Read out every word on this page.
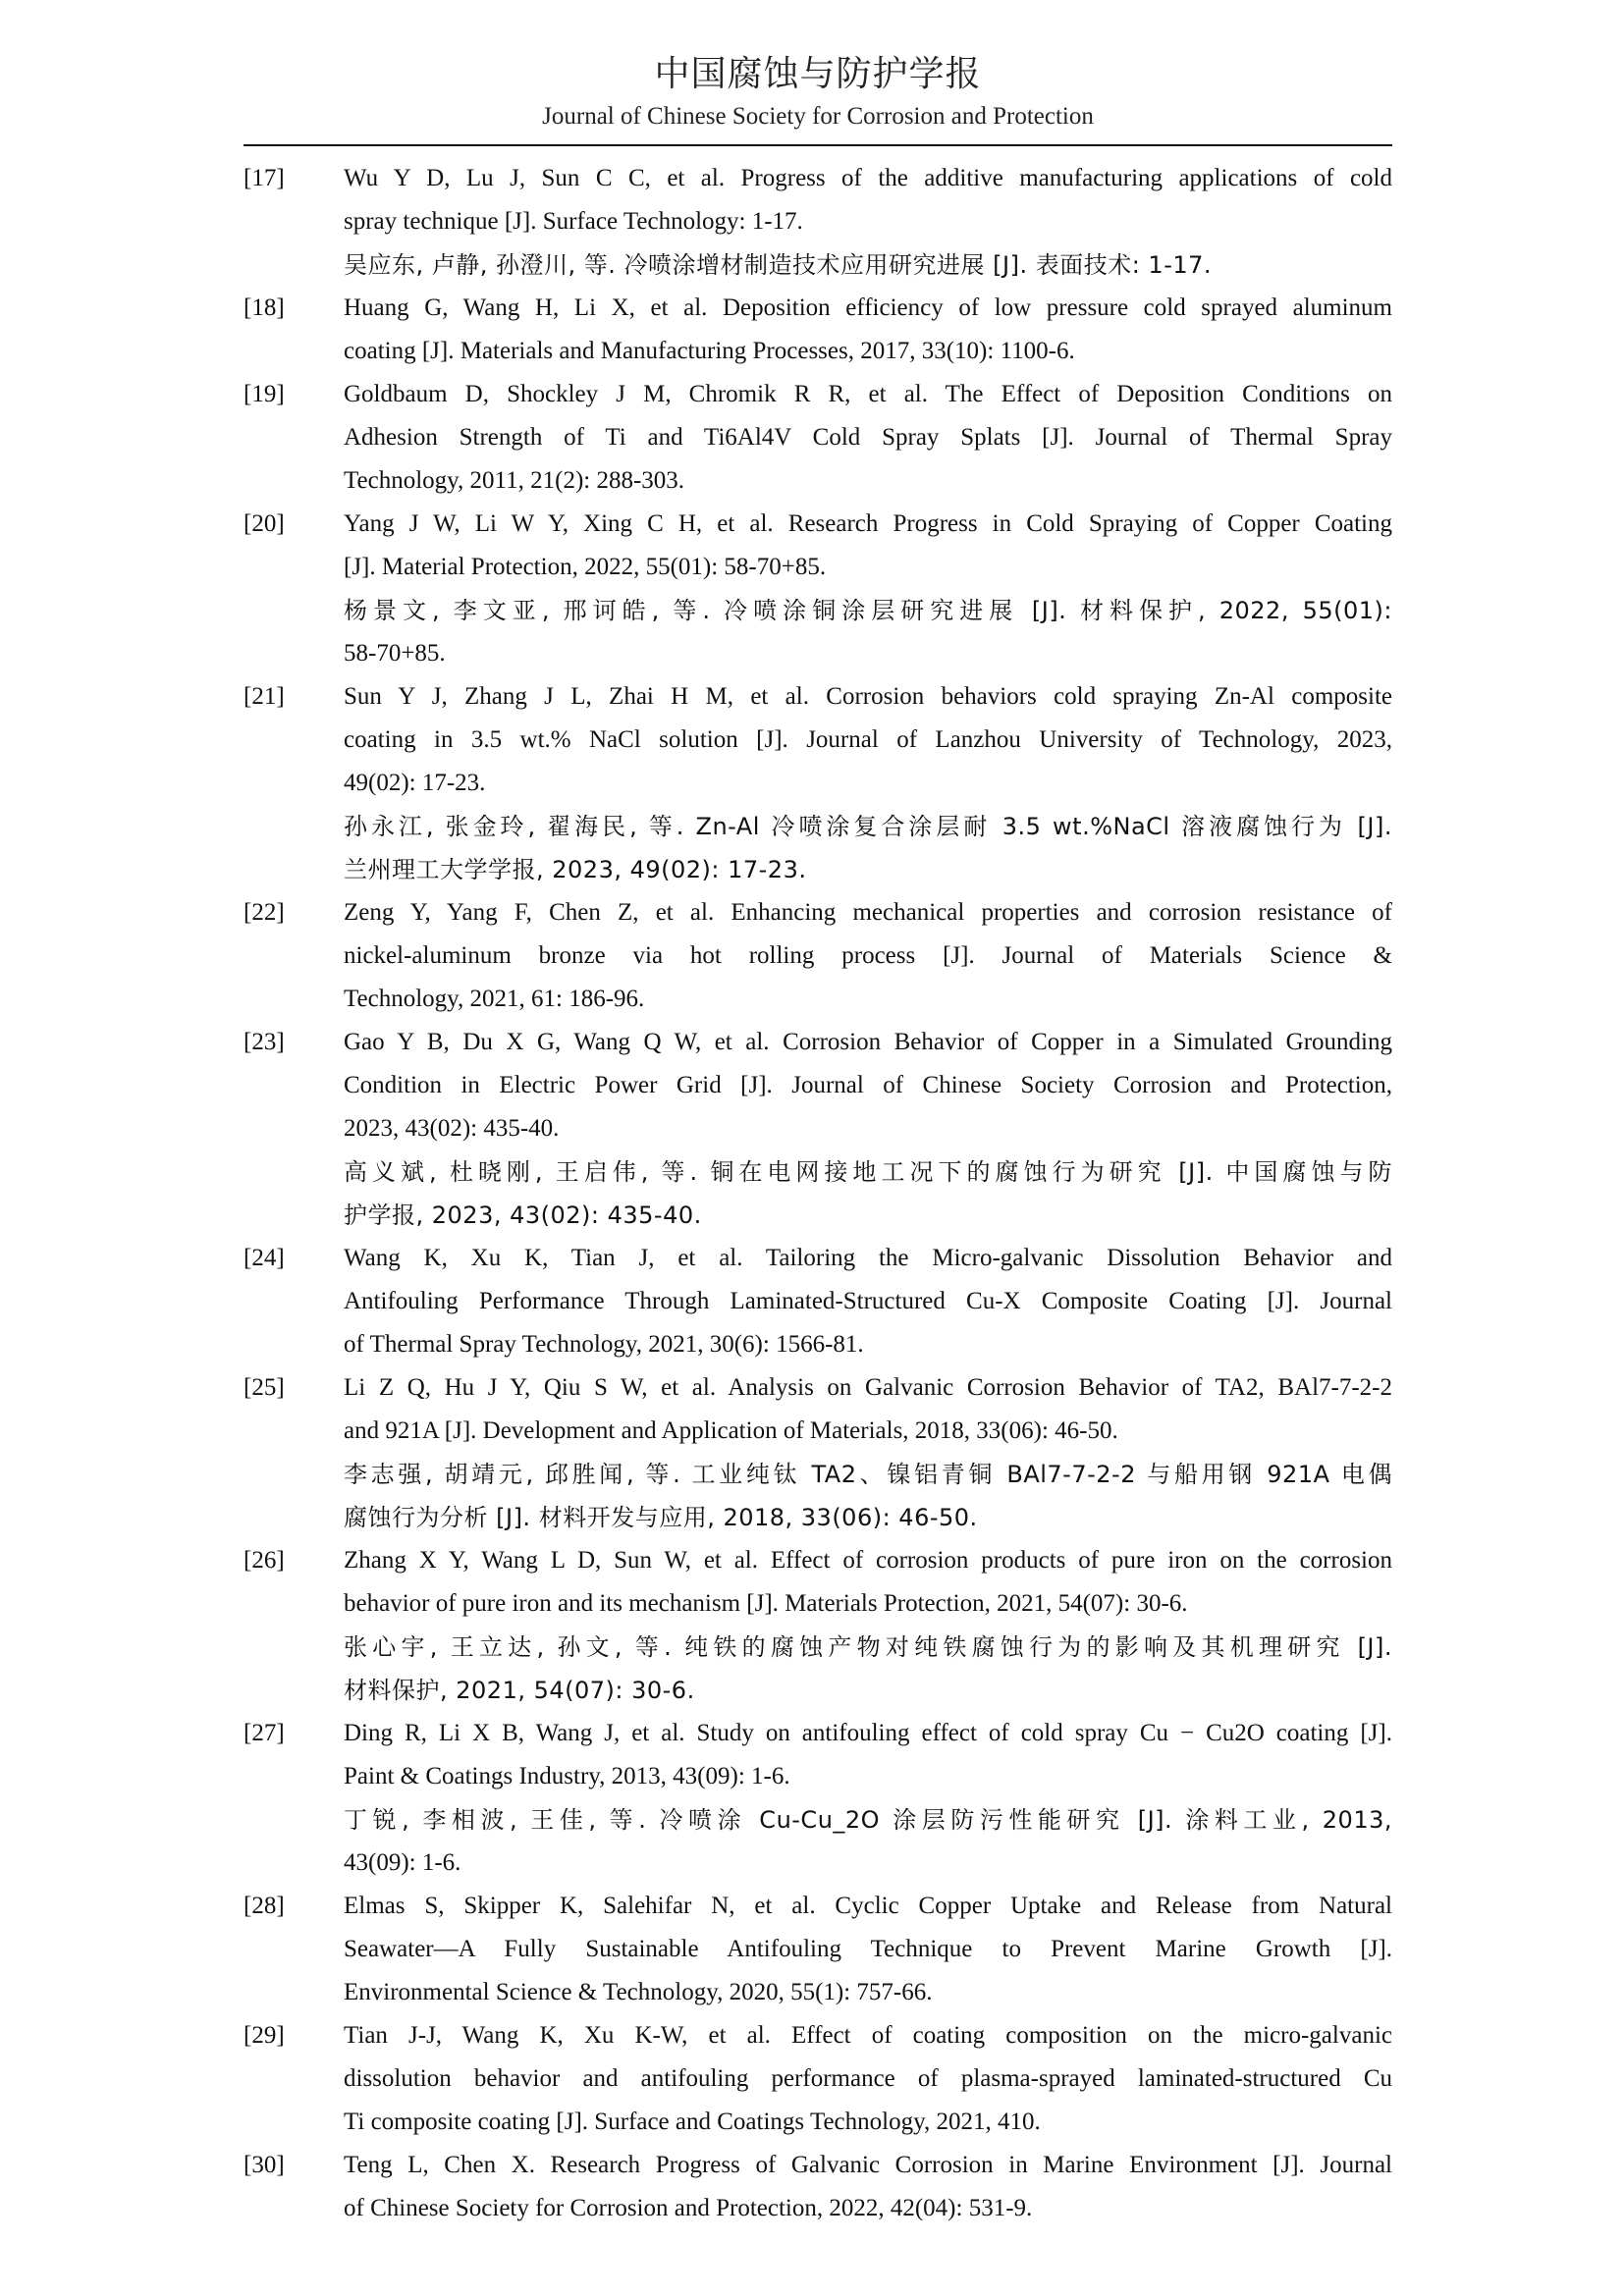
中国腐蚀与防护学报
Journal of Chinese Society for Corrosion and Protection
[17] Wu Y D, Lu J, Sun C C, et al. Progress of the additive manufacturing applications of cold
spray technique [J]. Surface Technology: 1-17.
吴应东, 卢静, 孙澄川, 等. 冷喷涂增材制造技术应用研究进展 [J]. 表面技术: 1-17.
[18] Huang G, Wang H, Li X, et al. Deposition efficiency of low pressure cold sprayed aluminum
coating [J]. Materials and Manufacturing Processes, 2017, 33(10): 1100-6.
[19] Goldbaum D, Shockley J M, Chromik R R, et al. The Effect of Deposition Conditions on
Adhesion Strength of Ti and Ti6Al4V Cold Spray Splats [J]. Journal of Thermal Spray
Technology, 2011, 21(2): 288-303.
[20] Yang J W, Li W Y, Xing C H, et al. Research Progress in Cold Spraying of Copper Coating
[J]. Material Protection, 2022, 55(01): 58-70+85.
杨景文, 李文亚, 邢诃皓, 等. 冷喷涂铜涂层研究进展 [J]. 材料保护, 2022, 55(01):
58-70+85.
[21] Sun Y J, Zhang J L, Zhai H M, et al. Corrosion behaviors cold spraying Zn-Al composite
coating in 3.5 wt.% NaCl solution [J]. Journal of Lanzhou University of Technology, 2023,
49(02): 17-23.
孙永江, 张金玲, 翟海民, 等. Zn-Al 冷喷涂复合涂层耐 3.5 wt.%NaCl 溶液腐蚀行为 [J].
兰州理工大学学报, 2023, 49(02): 17-23.
[22] Zeng Y, Yang F, Chen Z, et al. Enhancing mechanical properties and corrosion resistance of
nickel-aluminum bronze via hot rolling process [J]. Journal of Materials Science &
Technology, 2021, 61: 186-96.
[23] Gao Y B, Du X G, Wang Q W, et al. Corrosion Behavior of Copper in a Simulated Grounding
Condition in Electric Power Grid [J]. Journal of Chinese Society Corrosion and Protection,
2023, 43(02): 435-40.
高义斌, 杜晓刚, 王启伟, 等. 铜在电网接地工况下的腐蚀行为研究 [J]. 中国腐蚀与防
护学报, 2023, 43(02): 435-40.
[24] Wang K, Xu K, Tian J, et al. Tailoring the Micro-galvanic Dissolution Behavior and
Antifouling Performance Through Laminated-Structured Cu-X Composite Coating [J]. Journal
of Thermal Spray Technology, 2021, 30(6): 1566-81.
[25] Li Z Q, Hu J Y, Qiu S W, et al. Analysis on Galvanic Corrosion Behavior of TA2, BAl7-7-2-2
and 921A [J]. Development and Application of Materials, 2018, 33(06): 46-50.
李志强, 胡靖元, 邱胜闻, 等. 工业纯钛 TA2、镍铝青铜 BAl7-7-2-2 与船用钢 921A 电偶
腐蚀行为分析 [J]. 材料开发与应用, 2018, 33(06): 46-50.
[26] Zhang X Y, Wang L D, Sun W, et al. Effect of corrosion products of pure iron on the corrosion
behavior of pure iron and its mechanism [J]. Materials Protection, 2021, 54(07): 30-6.
张心宇, 王立达, 孙文, 等. 纯铁的腐蚀产物对纯铁腐蚀行为的影响及其机理研究 [J].
材料保护, 2021, 54(07): 30-6.
[27] Ding R, Li X B, Wang J, et al. Study on antifouling effect of cold spray Cu − Cu2O coating [J].
Paint & Coatings Industry, 2013, 43(09): 1-6.
丁锐, 李相波, 王佳, 等. 冷喷涂 Cu-Cu_2O 涂层防污性能研究 [J]. 涂料工业, 2013,
43(09): 1-6.
[28] Elmas S, Skipper K, Salehifar N, et al. Cyclic Copper Uptake and Release from Natural
Seawater—A Fully Sustainable Antifouling Technique to Prevent Marine Growth [J].
Environmental Science & Technology, 2020, 55(1): 757-66.
[29] Tian J-J, Wang K, Xu K-W, et al. Effect of coating composition on the micro-galvanic
dissolution behavior and antifouling performance of plasma-sprayed laminated-structured Cu
Ti composite coating [J]. Surface and Coatings Technology, 2021, 410.
[30] Teng L, Chen X. Research Progress of Galvanic Corrosion in Marine Environment [J]. Journal
of Chinese Society for Corrosion and Protection, 2022, 42(04): 531-9.
